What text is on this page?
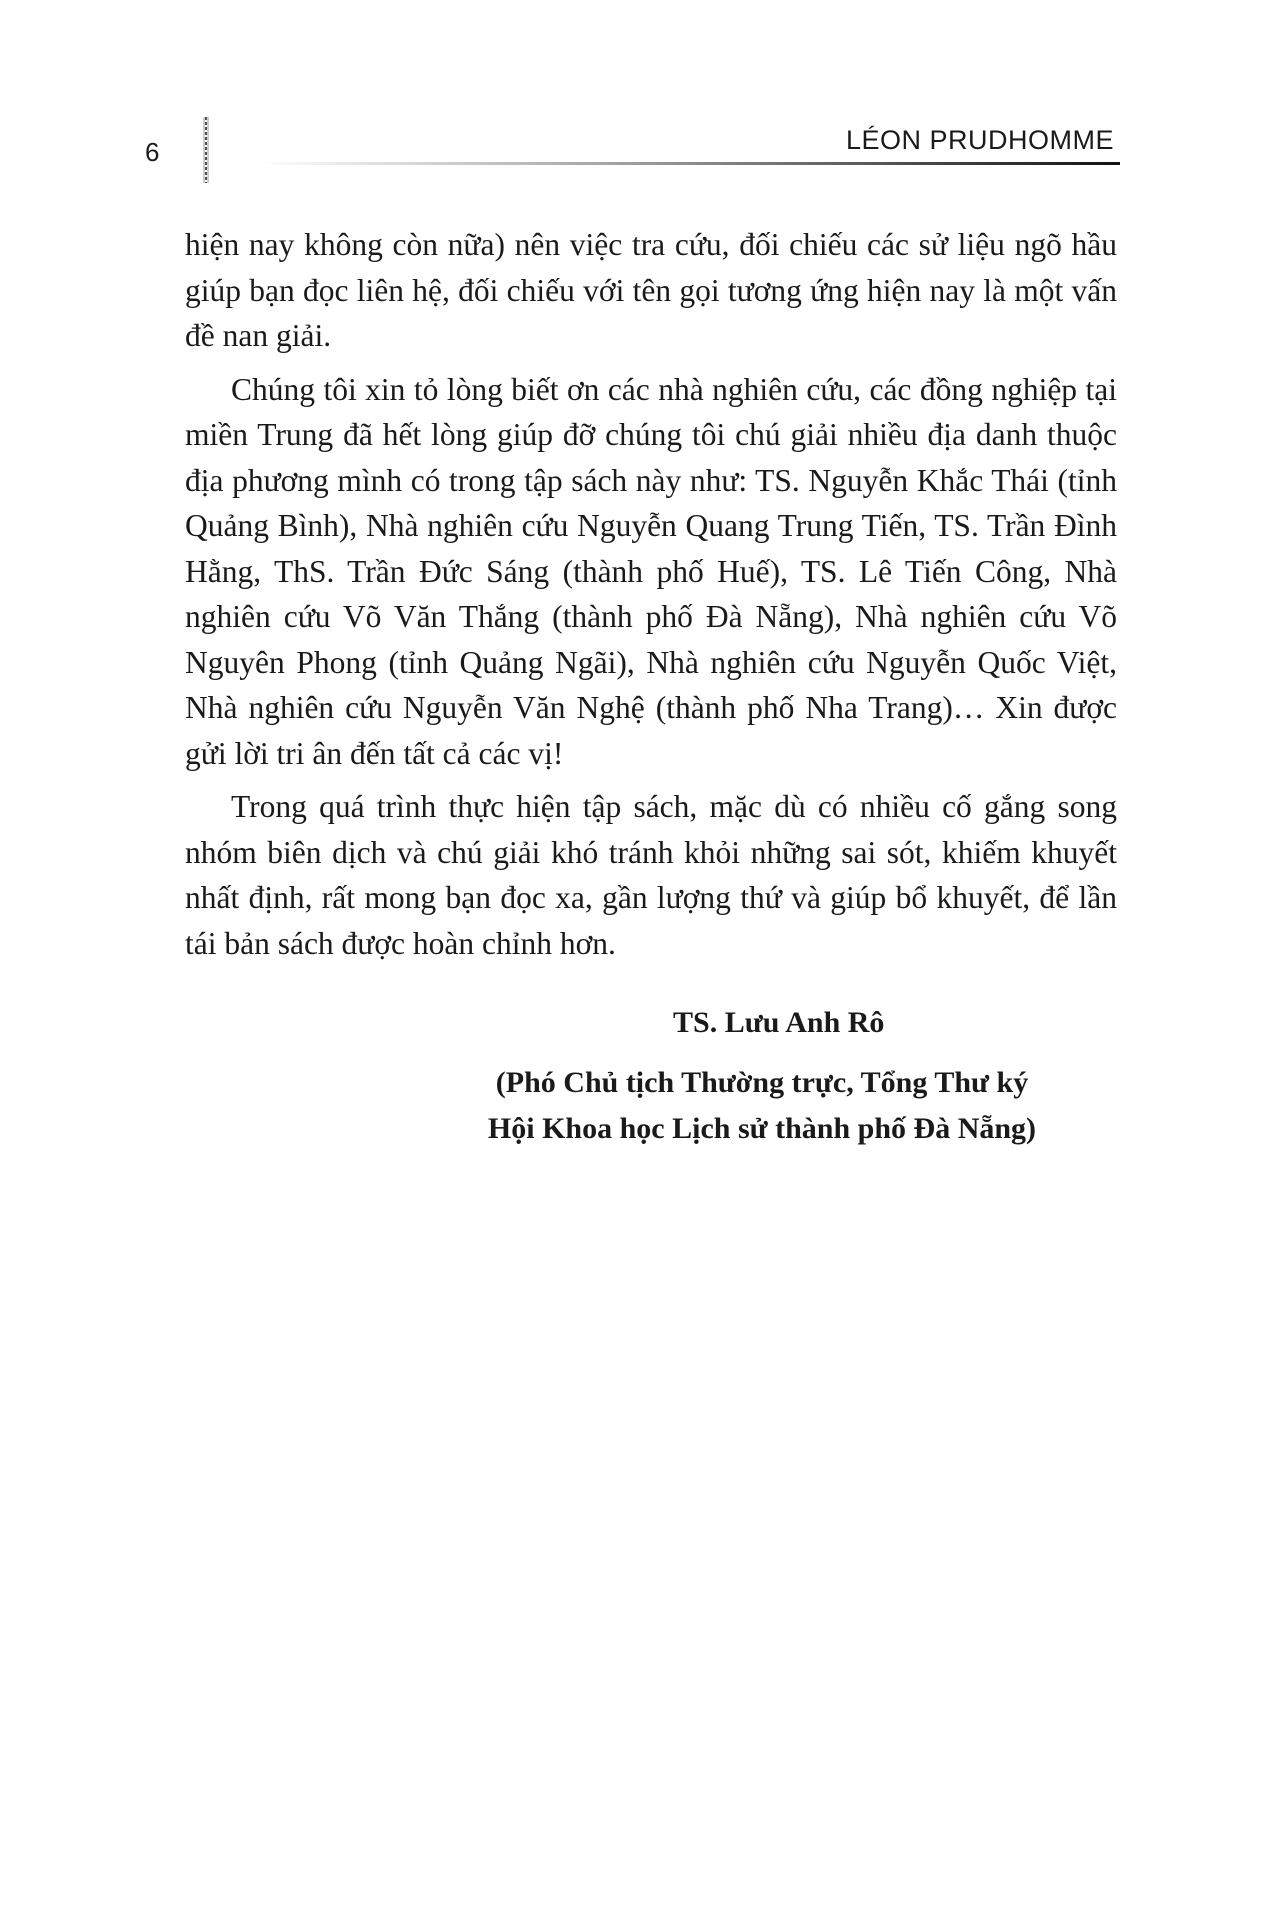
6	LÉON PRUDHOMME

hiện nay không còn nữa) nên việc tra cứu, đối chiếu các sử liệu ngõ hầu giúp bạn đọc liên hệ, đối chiếu với tên gọi tương ứng hiện nay là một vấn đề nan giải.

Chúng tôi xin tỏ lòng biết ơn các nhà nghiên cứu, các đồng nghiệp tại miền Trung đã hết lòng giúp đỡ chúng tôi chú giải nhiều địa danh thuộc địa phương mình có trong tập sách này như: TS. Nguyễn Khắc Thái (tỉnh Quảng Bình), Nhà nghiên cứu Nguyễn Quang Trung Tiến, TS. Trần Đình Hằng, ThS. Trần Đức Sáng (thành phố Huế), TS. Lê Tiến Công, Nhà nghiên cứu Võ Văn Thắng (thành phố Đà Nẵng), Nhà nghiên cứu Võ Nguyên Phong (tỉnh Quảng Ngãi), Nhà nghiên cứu Nguyễn Quốc Việt, Nhà nghiên cứu Nguyễn Văn Nghệ (thành phố Nha Trang)… Xin được gửi lời tri ân đến tất cả các vị!

Trong quá trình thực hiện tập sách, mặc dù có nhiều cố gắng song nhóm biên dịch và chú giải khó tránh khỏi những sai sót, khiếm khuyết nhất định, rất mong bạn đọc xa, gần lượng thứ và giúp bổ khuyết, để lần tái bản sách được hoàn chỉnh hơn.

TS. Lưu Anh Rô
(Phó Chủ tịch Thường trực, Tổng Thư ký
Hội Khoa học Lịch sử thành phố Đà Nẵng)
